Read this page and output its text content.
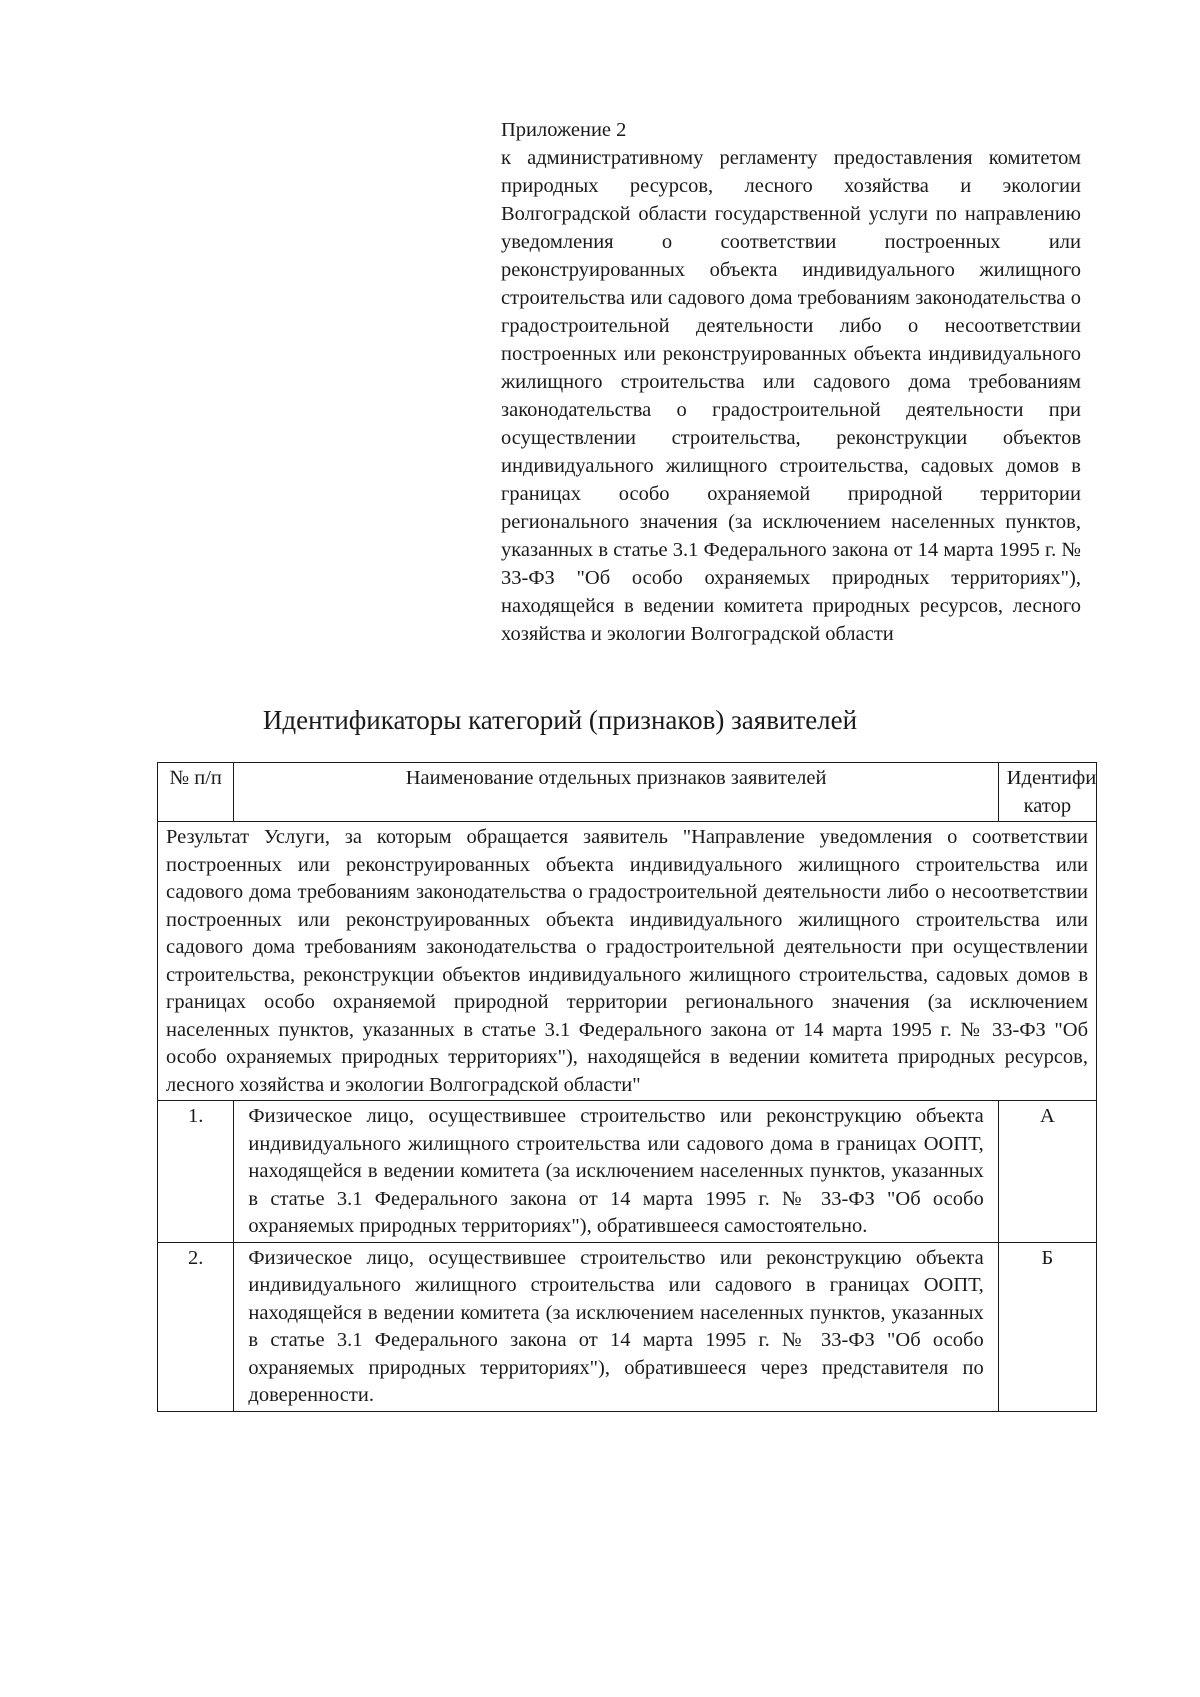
Приложение 2
к административному регламенту предоставления комитетом природных ресурсов, лесного хозяйства и экологии Волгоградской области государственной услуги по направлению уведомления о соответствии построенных или реконструированных объекта индивидуального жилищного строительства или садового дома требованиям законодательства о градостроительной деятельности либо о несоответствии построенных или реконструированных объекта индивидуального жилищного строительства или садового дома требованиям законодательства о градостроительной деятельности при осуществлении строительства, реконструкции объектов индивидуального жилищного строительства, садовых домов в границах особо охраняемой природной территории регионального значения (за исключением населенных пунктов, указанных в статье 3.1 Федерального закона от 14 марта 1995 г. № 33-ФЗ "Об особо охраняемых природных территориях"), находящейся в ведении комитета природных ресурсов, лесного хозяйства и экологии Волгоградской области
Идентификаторы категорий (признаков) заявителей
№ п/п	Наименование отдельных признаков заявителей	Идентифи катор
Результат Услуги, за которым обращается заявитель "Направление уведомления о соответствии построенных или реконструированных объекта индивидуального жилищного строительства или садового дома требованиям законодательства о градостроительной деятельности либо о несоответствии построенных или реконструированных объекта индивидуального жилищного строительства или садового дома требованиям законодательства о градостроительной деятельности при осуществлении строительства, реконструкции объектов индивидуального жилищного строительства, садовых домов в границах особо охраняемой природной территории регионального значения (за исключением населенных пунктов, указанных в статье 3.1 Федерального закона от 14 марта 1995 г. № 33-ФЗ "Об особо охраняемых природных территориях"), находящейся в ведении комитета природных ресурсов, лесного хозяйства и экологии Волгоградской области"		
1.	Физическое лицо, осуществившее строительство или реконструкцию объекта индивидуального жилищного строительства или садового дома в границах ООПТ, находящейся в ведении комитета (за исключением населенных пунктов, указанных в статье 3.1 Федерального закона от 14 марта 1995 г. № 33-ФЗ "Об особо охраняемых природных территориях"), обратившееся самостоятельно.	А
2.	Физическое лицо, осуществившее строительство или реконструкцию объекта индивидуального жилищного строительства или садового в границах ООПТ, находящейся в ведении комитета (за исключением населенных пунктов, указанных в статье 3.1 Федерального закона от 14 марта 1995 г. № 33-ФЗ "Об особо охраняемых природных территориях"), обратившееся через представителя по доверенности.	Б
